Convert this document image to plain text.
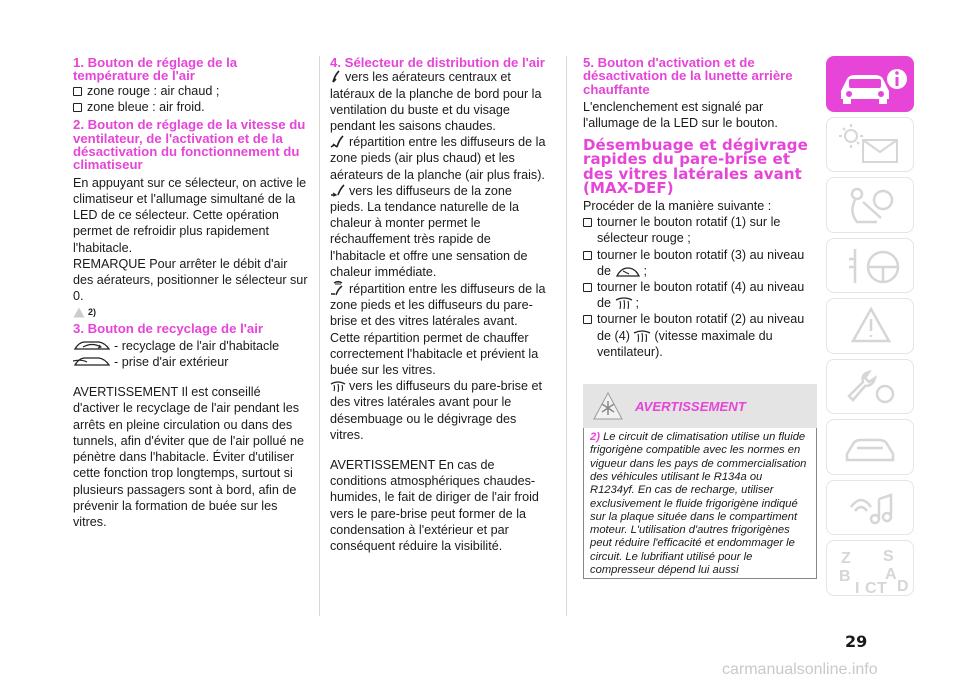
1. Bouton de réglage de la température de l'air
zone rouge : air chaud ;
zone bleue : air froid.
2. Bouton de réglage de la vitesse du ventilateur, de l'activation et de la désactivation du fonctionnement du climatiseur

En appuyant sur ce sélecteur, on active le climatiseur et l'allumage simultané de la LED de ce sélecteur. Cette opération permet de refroidir plus rapidement l'habitacle.

REMARQUE Pour arrêter le débit d'air des aérateurs, positionner le sélecteur sur 0.

2)
3. Bouton de recyclage de l'air
- recyclage de l'air d'habitacle
- prise d'air extérieur

AVERTISSEMENT Il est conseillé d'activer le recyclage de l'air pendant les arrêts en pleine circulation ou dans des tunnels, afin d'éviter que de l'air pollué ne pénètre dans l'habitacle. Éviter d'utiliser cette fonction trop longtemps, surtout si plusieurs passagers sont à bord, afin de prévenir la formation de buée sur les vitres.

4. Sélecteur de distribution de l'air

vers les aérateurs centraux et latéraux de la planche de bord pour la ventilation du buste et du visage pendant les saisons chaudes.

répartition entre les diffuseurs de la zone pieds (air plus chaud) et les aérateurs de la planche (air plus frais).

vers les diffuseurs de la zone pieds. La tendance naturelle de la chaleur à monter permet le réchauffement très rapide de l'habitacle et offre une sensation de chaleur immédiate.

répartition entre les diffuseurs de la zone pieds et les diffuseurs du pare-brise et des vitres latérales avant. Cette répartition permet de chauffer correctement l'habitacle et prévient la buée sur les vitres.

vers les diffuseurs du pare-brise et des vitres latérales avant pour le désembuage ou le dégivrage des vitres.

AVERTISSEMENT En cas de conditions atmosphériques chaudes-humides, le fait de diriger de l'air froid vers le pare-brise peut former de la condensation à l'extérieur et par conséquent réduire la visibilité.

5. Bouton d'activation et de désactivation de la lunette arrière chauffante

L'enclenchement est signalé par l'allumage de la LED sur le bouton.

Désembuage et dégivrage rapides du pare-brise et des vitres latérales avant (MAX-DEF)

Procéder de la manière suivante :

tourner le bouton rotatif (1) sur le sélecteur rouge ;
tourner le bouton rotatif (3) au niveau de	;
tourner le bouton rotatif (4) au niveau de ;
tourner le bouton rotatif (2) au niveau de (4) (vitesse maximale du ventilateur).
AVERTISSEMENT
2) Le circuit de climatisation utilise un fluide frigorigène compatible avec les normes en vigueur dans les pays de commercialisation des véhicules utilisant le R134a ou R1234yf. En cas de recharge, utiliser exclusivement le fluide frigorigène indiqué sur la plaque située dans le compartiment moteur. L'utilisation d'autres frigorigènes peut réduire l'efficacité et endommager le circuit. Le lubrifiant utilisé pour le compresseur dépend lui aussi
Z S
B A
I C T D
29
carmanualsonline.info
